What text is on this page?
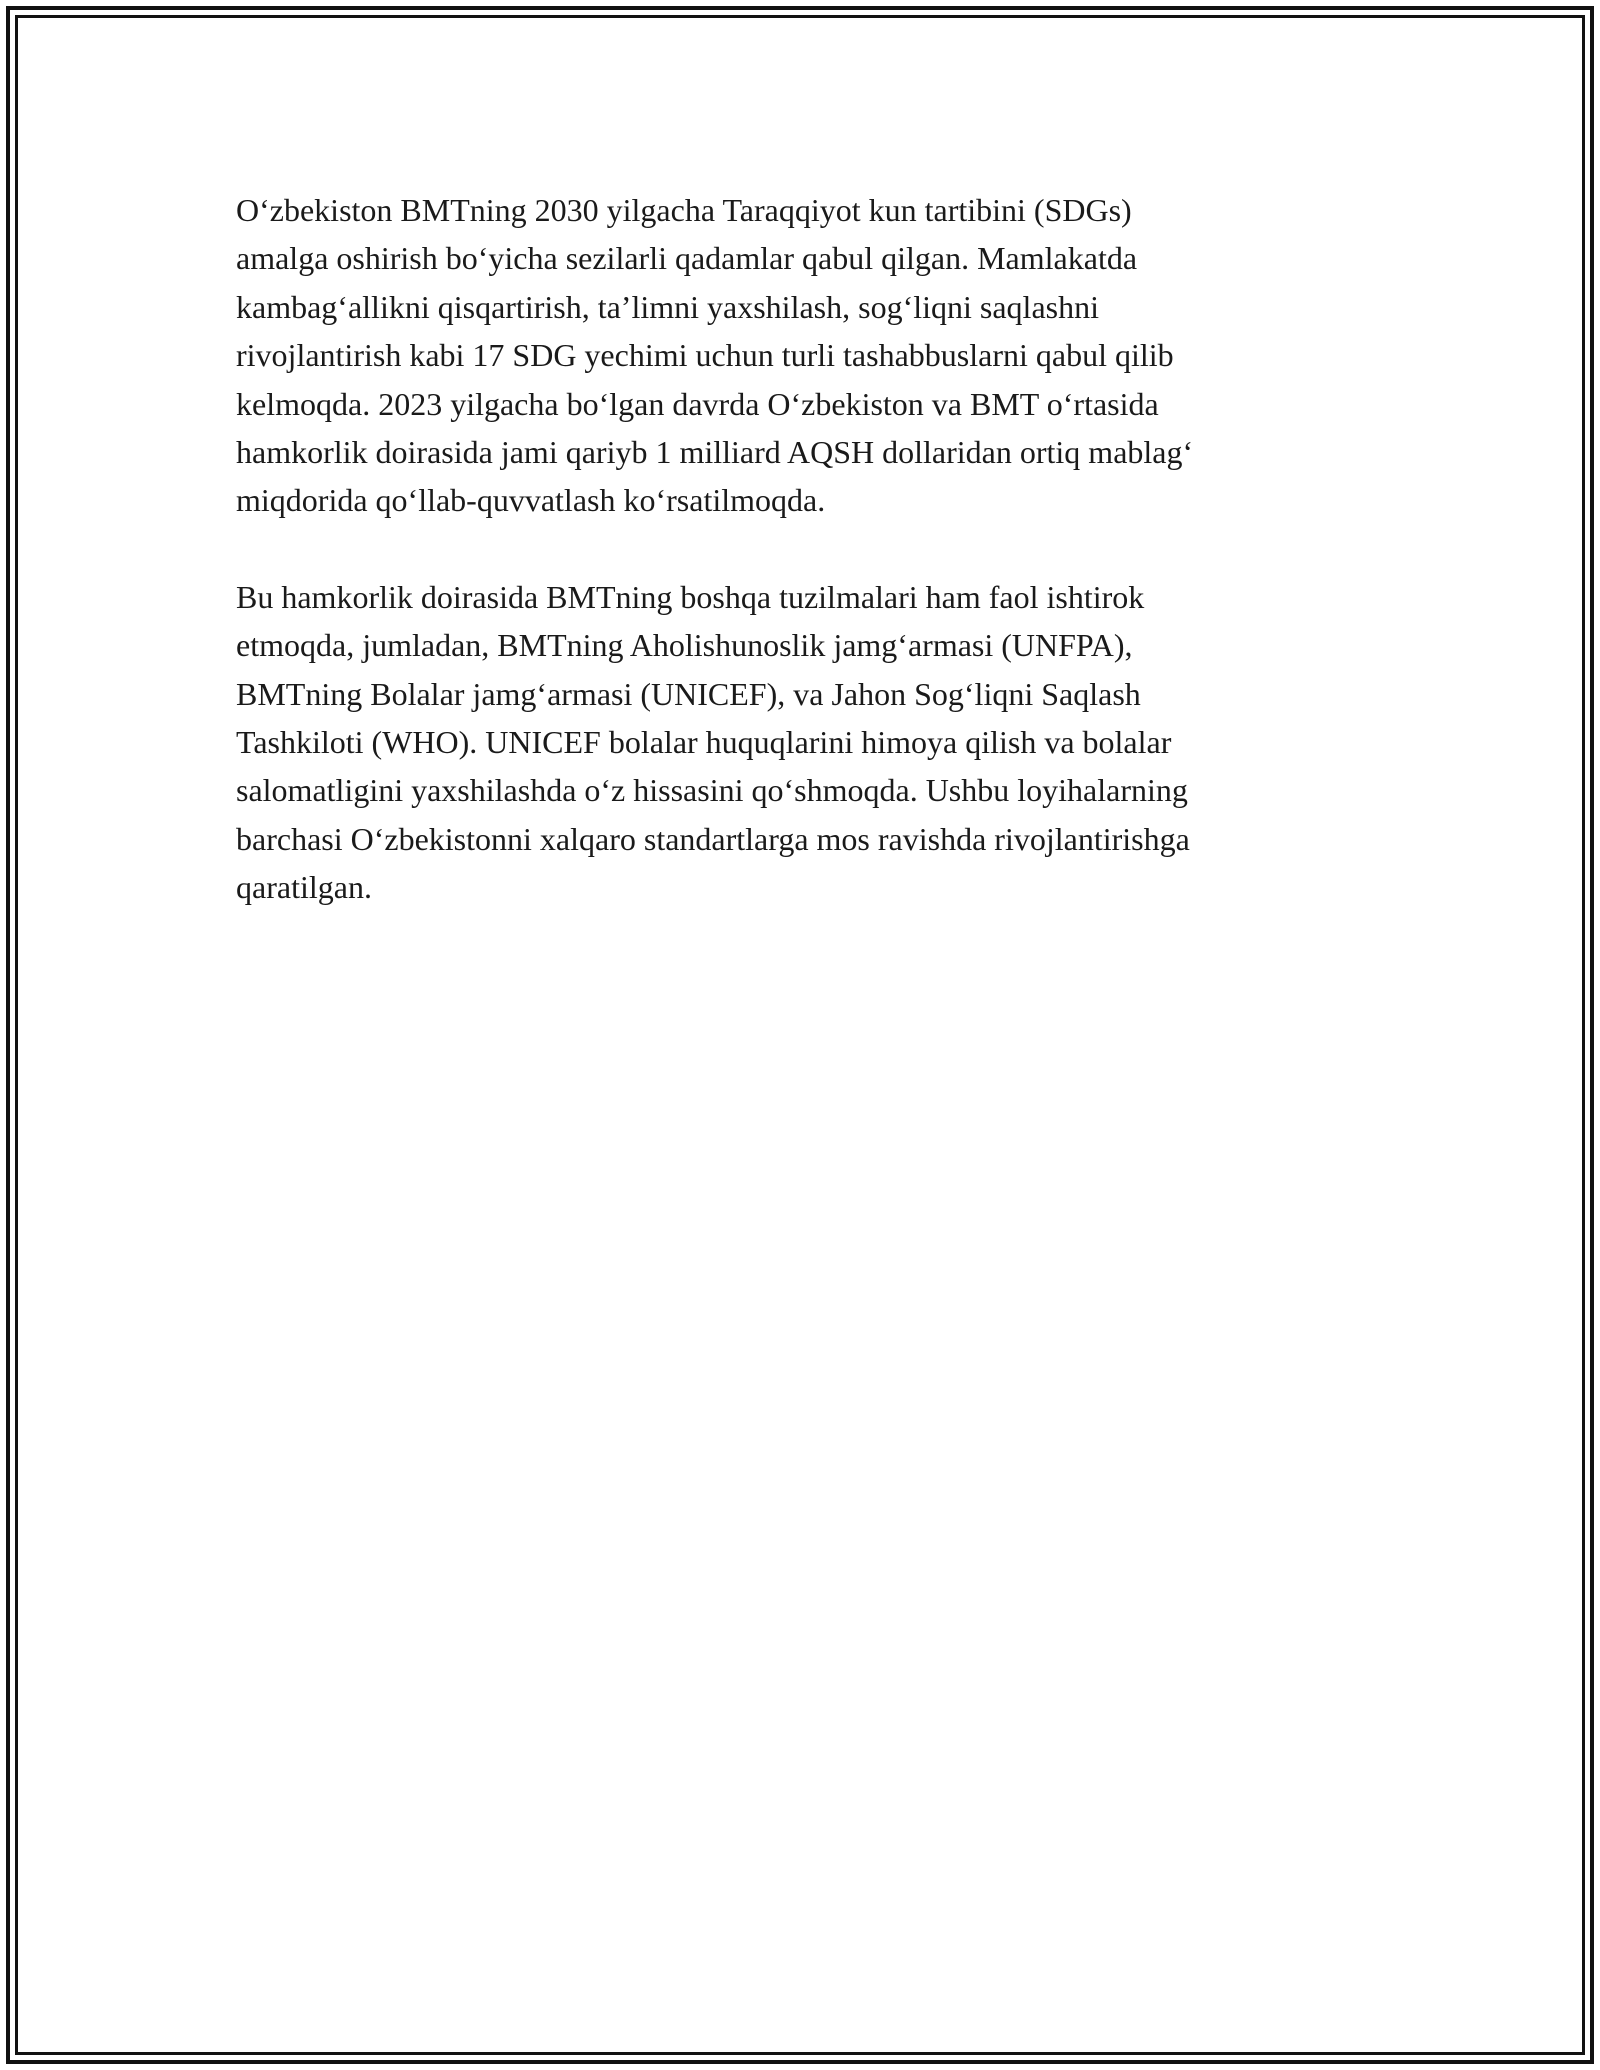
O‘zbekiston BMTning 2030 yilgacha Taraqqiyot kun tartibini (SDGs)
amalga oshirish bo‘yicha sezilarli qadamlar qabul qilgan. Mamlakatda
kambag‘allikni qisqartirish, ta’limni yaxshilash, sog‘liqni saqlashni
rivojlantirish kabi 17 SDG yechimi uchun turli tashabbuslarni qabul qilib
kelmoqda. 2023 yilgacha bo‘lgan davrda O‘zbekiston va BMT o‘rtasida
hamkorlik doirasida jami qariyb 1 milliard AQSH dollaridan ortiq mablag‘
miqdorida qo‘llab-quvvatlash ko‘rsatilmoqda.

Bu hamkorlik doirasida BMTning boshqa tuzilmalari ham faol ishtirok
etmoqda, jumladan, BMTning Aholishunoslik jamg‘armasi (UNFPA),
BMTning Bolalar jamg‘armasi (UNICEF), va Jahon Sog‘liqni Saqlash
Tashkiloti (WHO). UNICEF bolalar huquqlarini himoya qilish va bolalar
salomatligini yaxshilashda o‘z hissasini qo‘shmoqda. Ushbu loyihalarning
barchasi O‘zbekistonni xalqaro standartlarga mos ravishda rivojlantirishga
qaratilgan.
